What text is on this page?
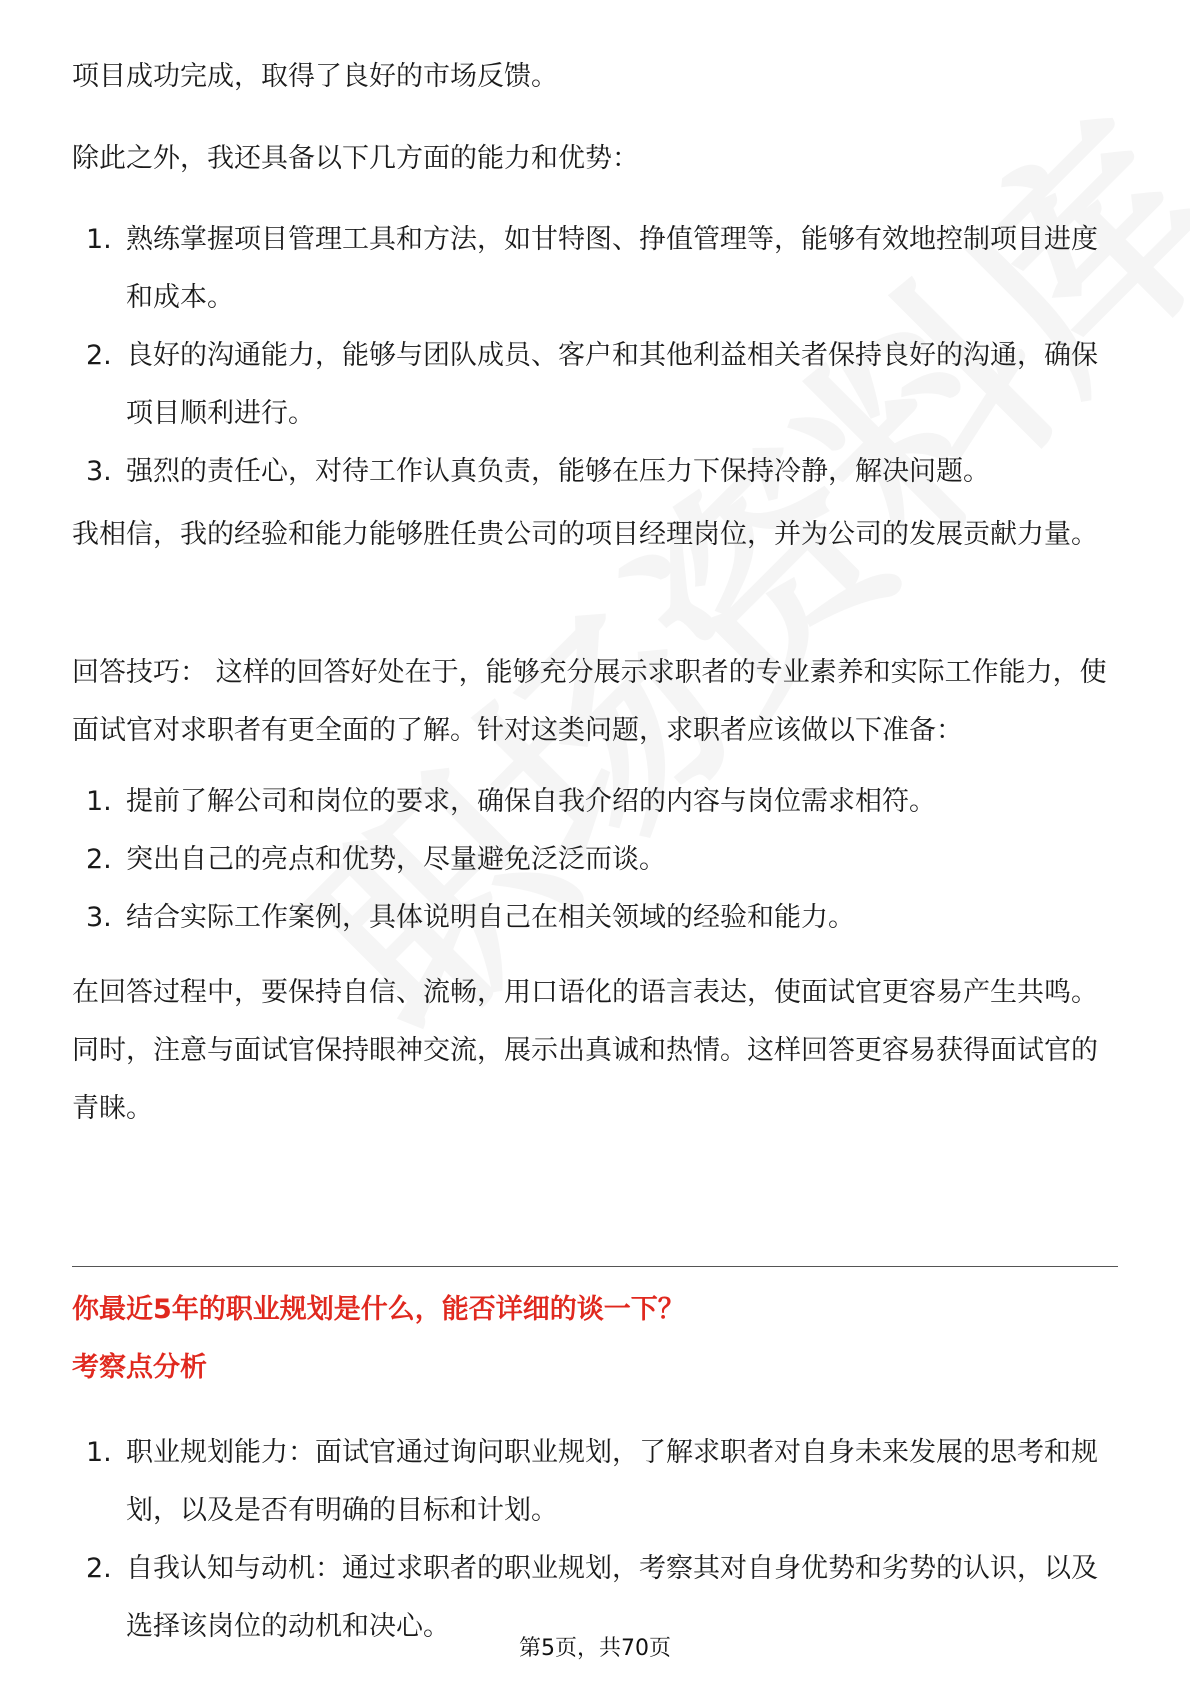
项目成功完成，取得了良好的市场反馈。

除此之外，我还具备以下几方面的能力和优势：

1. 熟练掌握项目管理工具和方法，如甘特图、挣值管理等，能够有效地控制项目进度和成本。
2. 良好的沟通能力，能够与团队成员、客户和其他利益相关者保持良好的沟通，确保项目顺利进行。
3. 强烈的责任心，对待工作认真负责，能够在压力下保持冷静，解决问题。

我相信，我的经验和能力能够胜任贵公司的项目经理岗位，并为公司的发展贡献力量。

回答技巧： 这样的回答好处在于，能够充分展示求职者的专业素养和实际工作能力，使面试官对求职者有更全面的了解。针对这类问题，求职者应该做以下准备：

1. 提前了解公司和岗位的要求，确保自我介绍的内容与岗位需求相符。
2. 突出自己的亮点和优势，尽量避免泛泛而谈。
3. 结合实际工作案例，具体说明自己在相关领域的经验和能力。

在回答过程中，要保持自信、流畅，用口语化的语言表达，使面试官更容易产生共鸣。同时，注意与面试官保持眼神交流，展示出真诚和热情。这样回答更容易获得面试官的青睐。

你最近5年的职业规划是什么，能否详细的谈一下？
考察点分析
1. 职业规划能力：面试官通过询问职业规划，了解求职者对自身未来发展的思考和规划，以及是否有明确的目标和计划。
2. 自我认知与动机：通过求职者的职业规划，考察其对自身优势和劣势的认识，以及选择该岗位的动机和决心。
第5页，共70页
